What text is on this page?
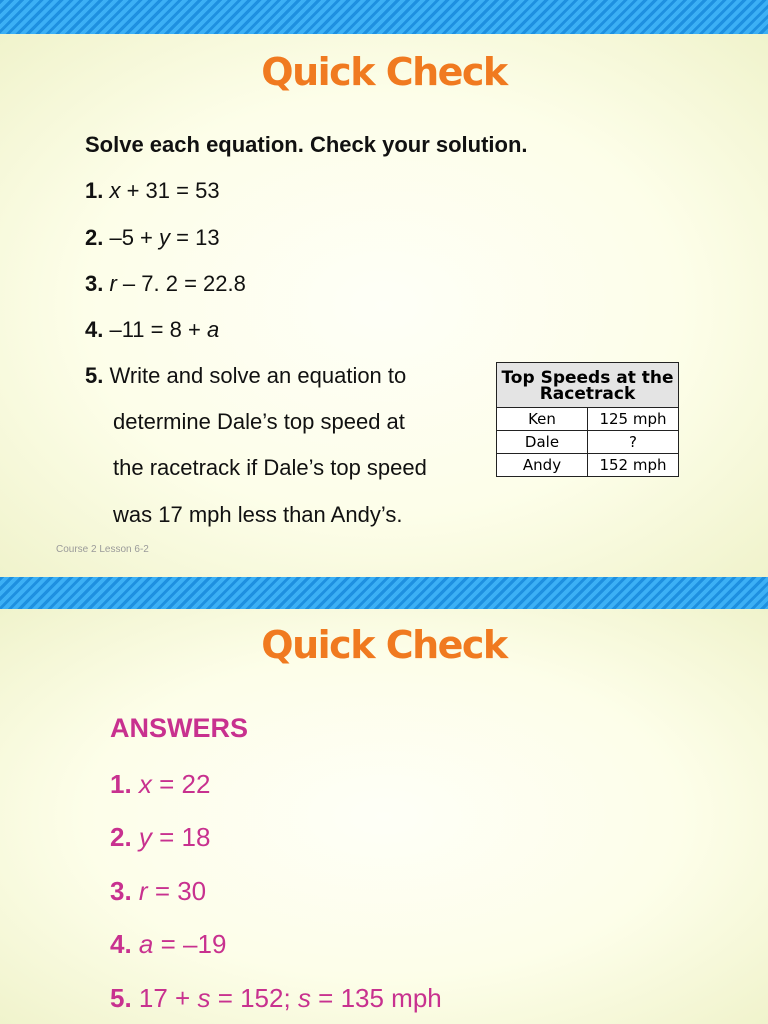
Quick Check
Solve each equation. Check your solution.
1. x + 31 = 53
2. –5 + y = 13
3. r – 7. 2 = 22.8
4. –11 = 8 + a
5. Write and solve an equation to
determine Dale’s top speed at
the racetrack if Dale’s top speed
was 17 mph less than Andy’s.
Top Speeds at the Racetrack	
Ken	125 mph
Dale	?
Andy	152 mph
Course 2 Lesson 6-2
Quick Check
ANSWERS
1. x = 22
2. y = 18
3. r = 30
4. a = –19
5. 17 + s = 152; s = 135 mph
